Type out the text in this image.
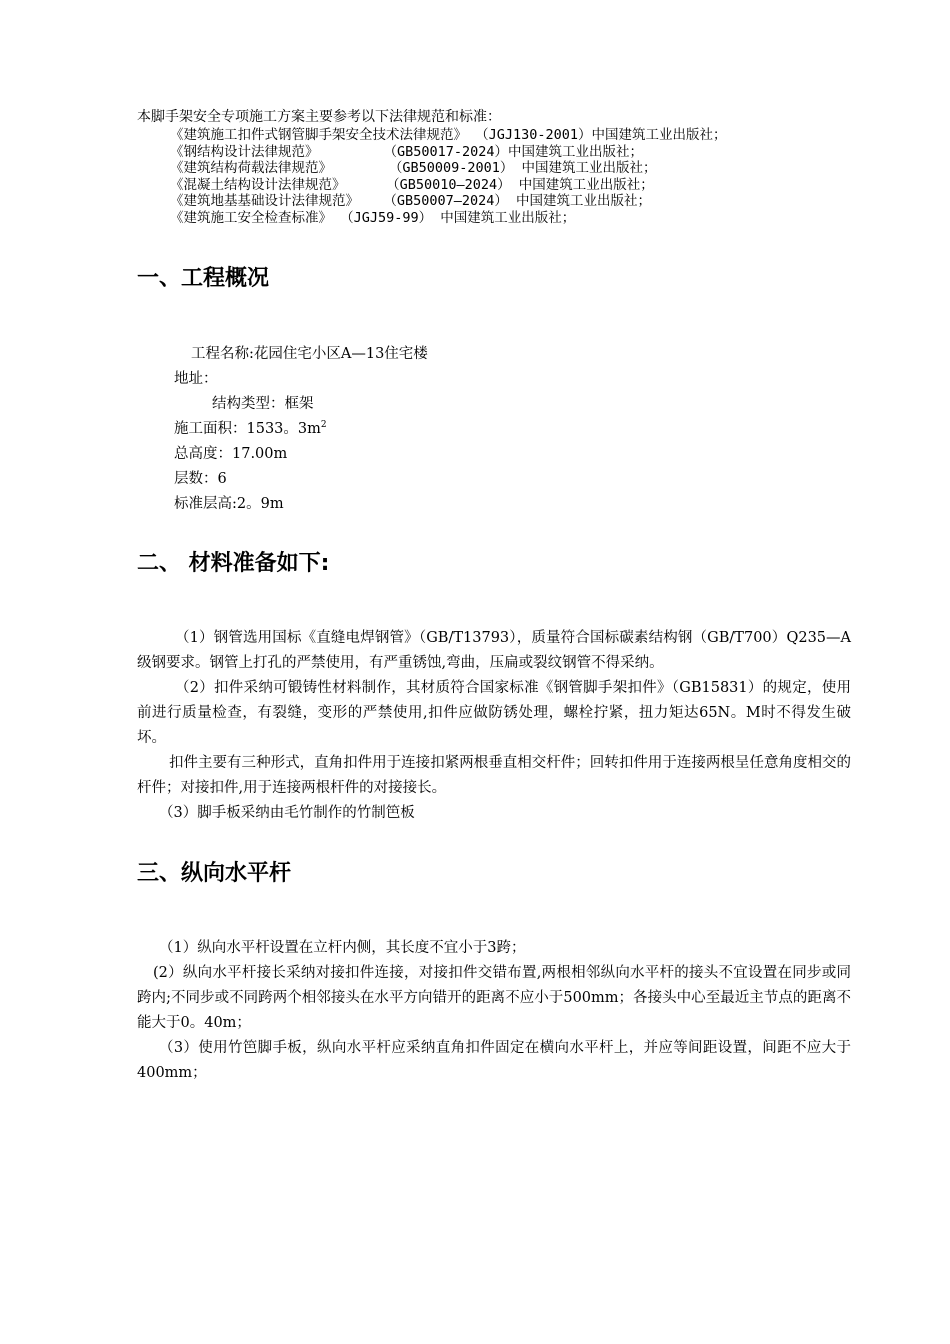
本脚手架安全专项施工方案主要参考以下法律规范和标准：
《建筑施工扣件式钢管脚手架安全技术法律规范》 （JGJ130-2001）中国建筑工业出版社；
《钢结构设计法律规范》        （GB50017-2024）中国建筑工业出版社；
《建筑结构荷载法律规范》       （GB50009-2001） 中国建筑工业出版社；
《混凝土结构设计法律规范》     （GB50010—2024） 中国建筑工业出版社；
《建筑地基基础设计法律规范》   （GB50007—2024） 中国建筑工业出版社；
《建筑施工安全检查标准》 （JGJ59-99） 中国建筑工业出版社；
一、工程概况
工程名称:花园住宅小区A—13住宅楼
地址：
结构类型：框架
施工面积：1533。$3m^2$
总高度：17.00m
层数：6
标准层高:2。9m
二、 材料准备如下:
（1）钢管选用国标《直缝电焊钢管》（GB/T13793），质量符合国标碳素结构钢（GB/T700）Q235—A级钢要求。钢管上打孔的严禁使用，有严重锈蚀,弯曲，压扁或裂纹钢管不得采纳。
（2）扣件采纳可锻铸性材料制作，其材质符合国家标准《钢管脚手架扣件》（GB15831）的规定，使用前进行质量检查，有裂缝，变形的严禁使用,扣件应做防锈处理，螺栓拧紧，扭力矩达65N。M时不得发生破坏。
扣件主要有三种形式，直角扣件用于连接扣紧两根垂直相交杆件；回转扣件用于连接两根呈任意角度相交的杆件；对接扣件,用于连接两根杆件的对接接长。
（3）脚手板采纳由毛竹制作的竹制笆板
三、纵向水平杆
（1）纵向水平杆设置在立杆内侧，其长度不宜小于3跨；
(2）纵向水平杆接长采纳对接扣件连接，对接扣件交错布置,两根相邻纵向水平杆的接头不宜设置在同步或同跨内;不同步或不同跨两个相邻接头在水平方向错开的距离不应小于500mm；各接头中心至最近主节点的距离不能大于0。40m；
（3）使用竹笆脚手板，纵向水平杆应采纳直角扣件固定在横向水平杆上，并应等间距设置，间距不应大于400mm；
